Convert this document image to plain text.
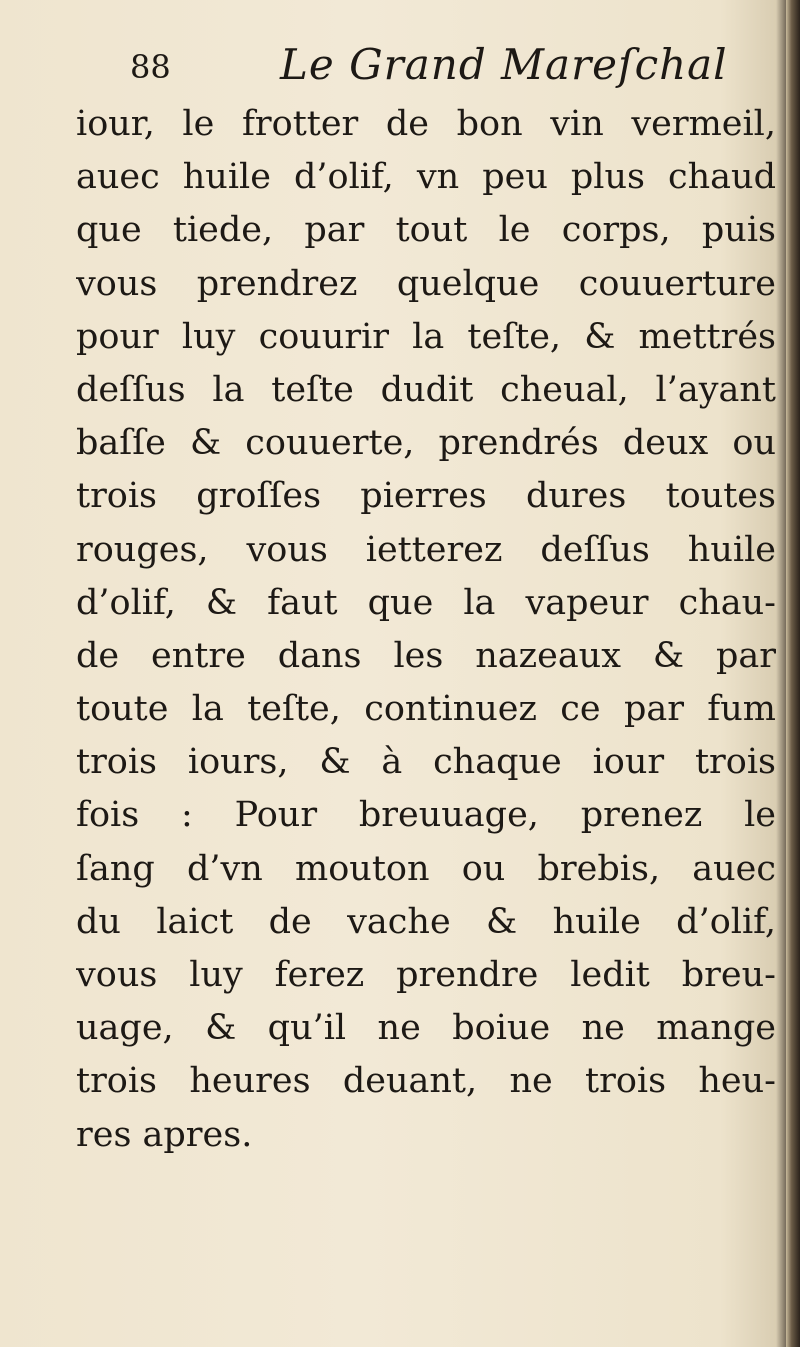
88	Le Grand Mareſchal
iour, le frotter de bon vin vermeil,
auec huile d’olif, vn peu plus chaud
que tiede, par tout le corps, puis
vous prendrez quelque couuerture
pour luy couurir la teſte, & mettrés
deſſus la teſte dudit cheual, l’ayant
baſſe & couuerte, prendrés deux ou
trois groſſes pierres dures toutes
rouges, vous ietterez deſſus huile
d’olif, & faut que la vapeur chau-
de entre dans les nazeaux & par
toute la teſte, continuez ce par fum
trois iours, & à chaque iour trois
fois : Pour breuuage, prenez le
ſang d’vn mouton ou brebis, auec
du laict de vache & huile d’olif,
vous luy ferez prendre ledit breu-
uage, & qu’il ne boiue ne mange
trois heures deuant, ne trois heu-
res apres.
